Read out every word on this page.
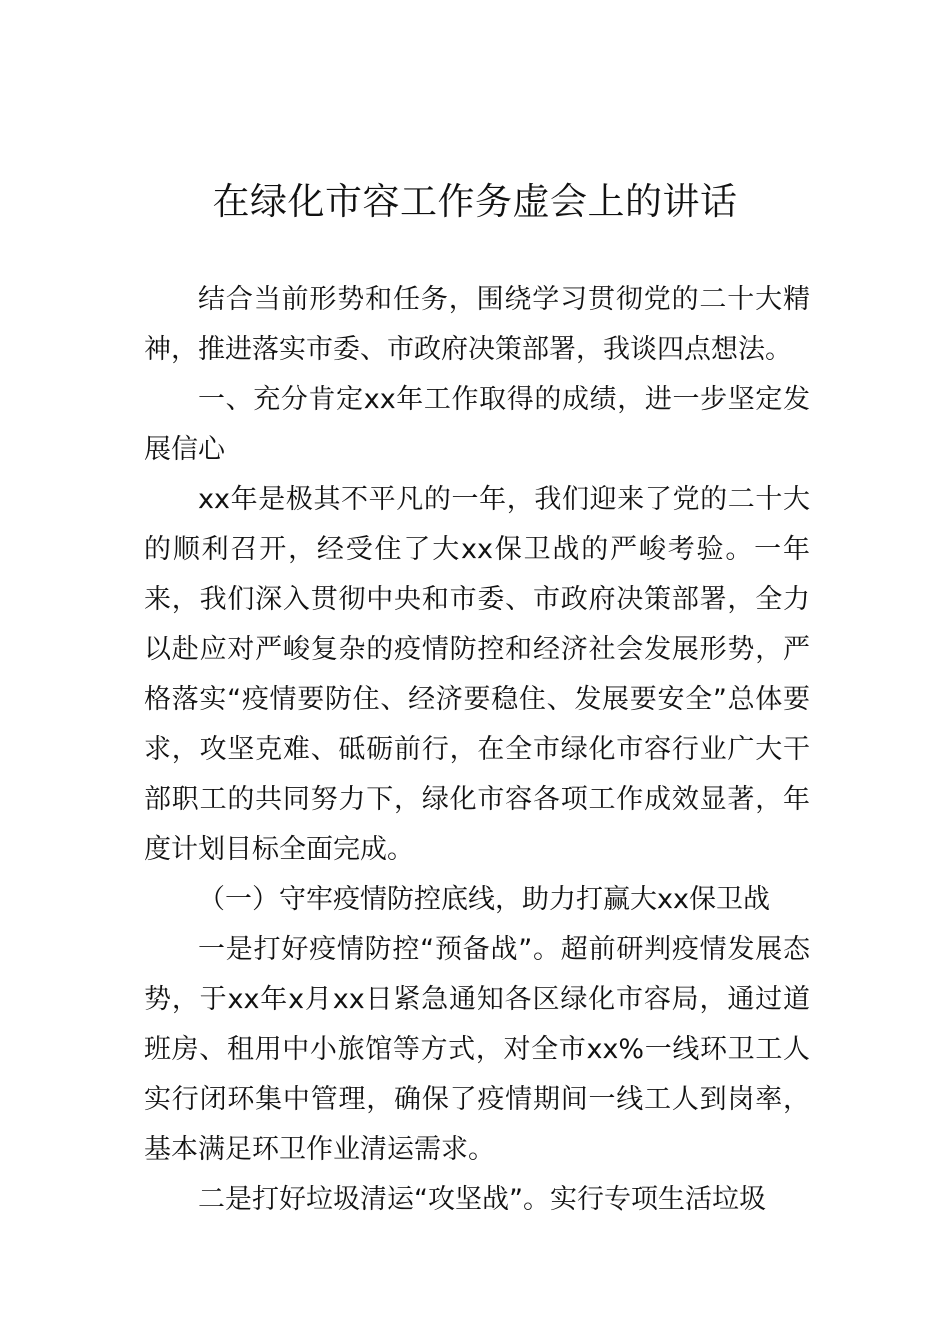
在绿化市容工作务虚会上的讲话

结合当前形势和任务，围绕学习贯彻党的二十大精神，推进落实市委、市政府决策部署，我谈四点想法。

一、充分肯定xx年工作取得的成绩，进一步坚定发展信心

xx年是极其不平凡的一年，我们迎来了党的二十大的顺利召开，经受住了大xx保卫战的严峻考验。一年来，我们深入贯彻中央和市委、市政府决策部署，全力以赴应对严峻复杂的疫情防控和经济社会发展形势，严格落实“疫情要防住、经济要稳住、发展要安全”总体要求，攻坚克难、砥砺前行，在全市绿化市容行业广大干部职工的共同努力下，绿化市容各项工作成效显著，年度计划目标全面完成。

（一）守牢疫情防控底线，助力打赢大xx保卫战

一是打好疫情防控“预备战”。超前研判疫情发展态势，于xx年x月xx日紧急通知各区绿化市容局，通过道班房、租用中小旅馆等方式，对全市xx%一线环卫工人实行闭环集中管理，确保了疫情期间一线工人到岗率，基本满足环卫作业清运需求。

二是打好垃圾清运“攻坚战”。实行专项生活垃圾
